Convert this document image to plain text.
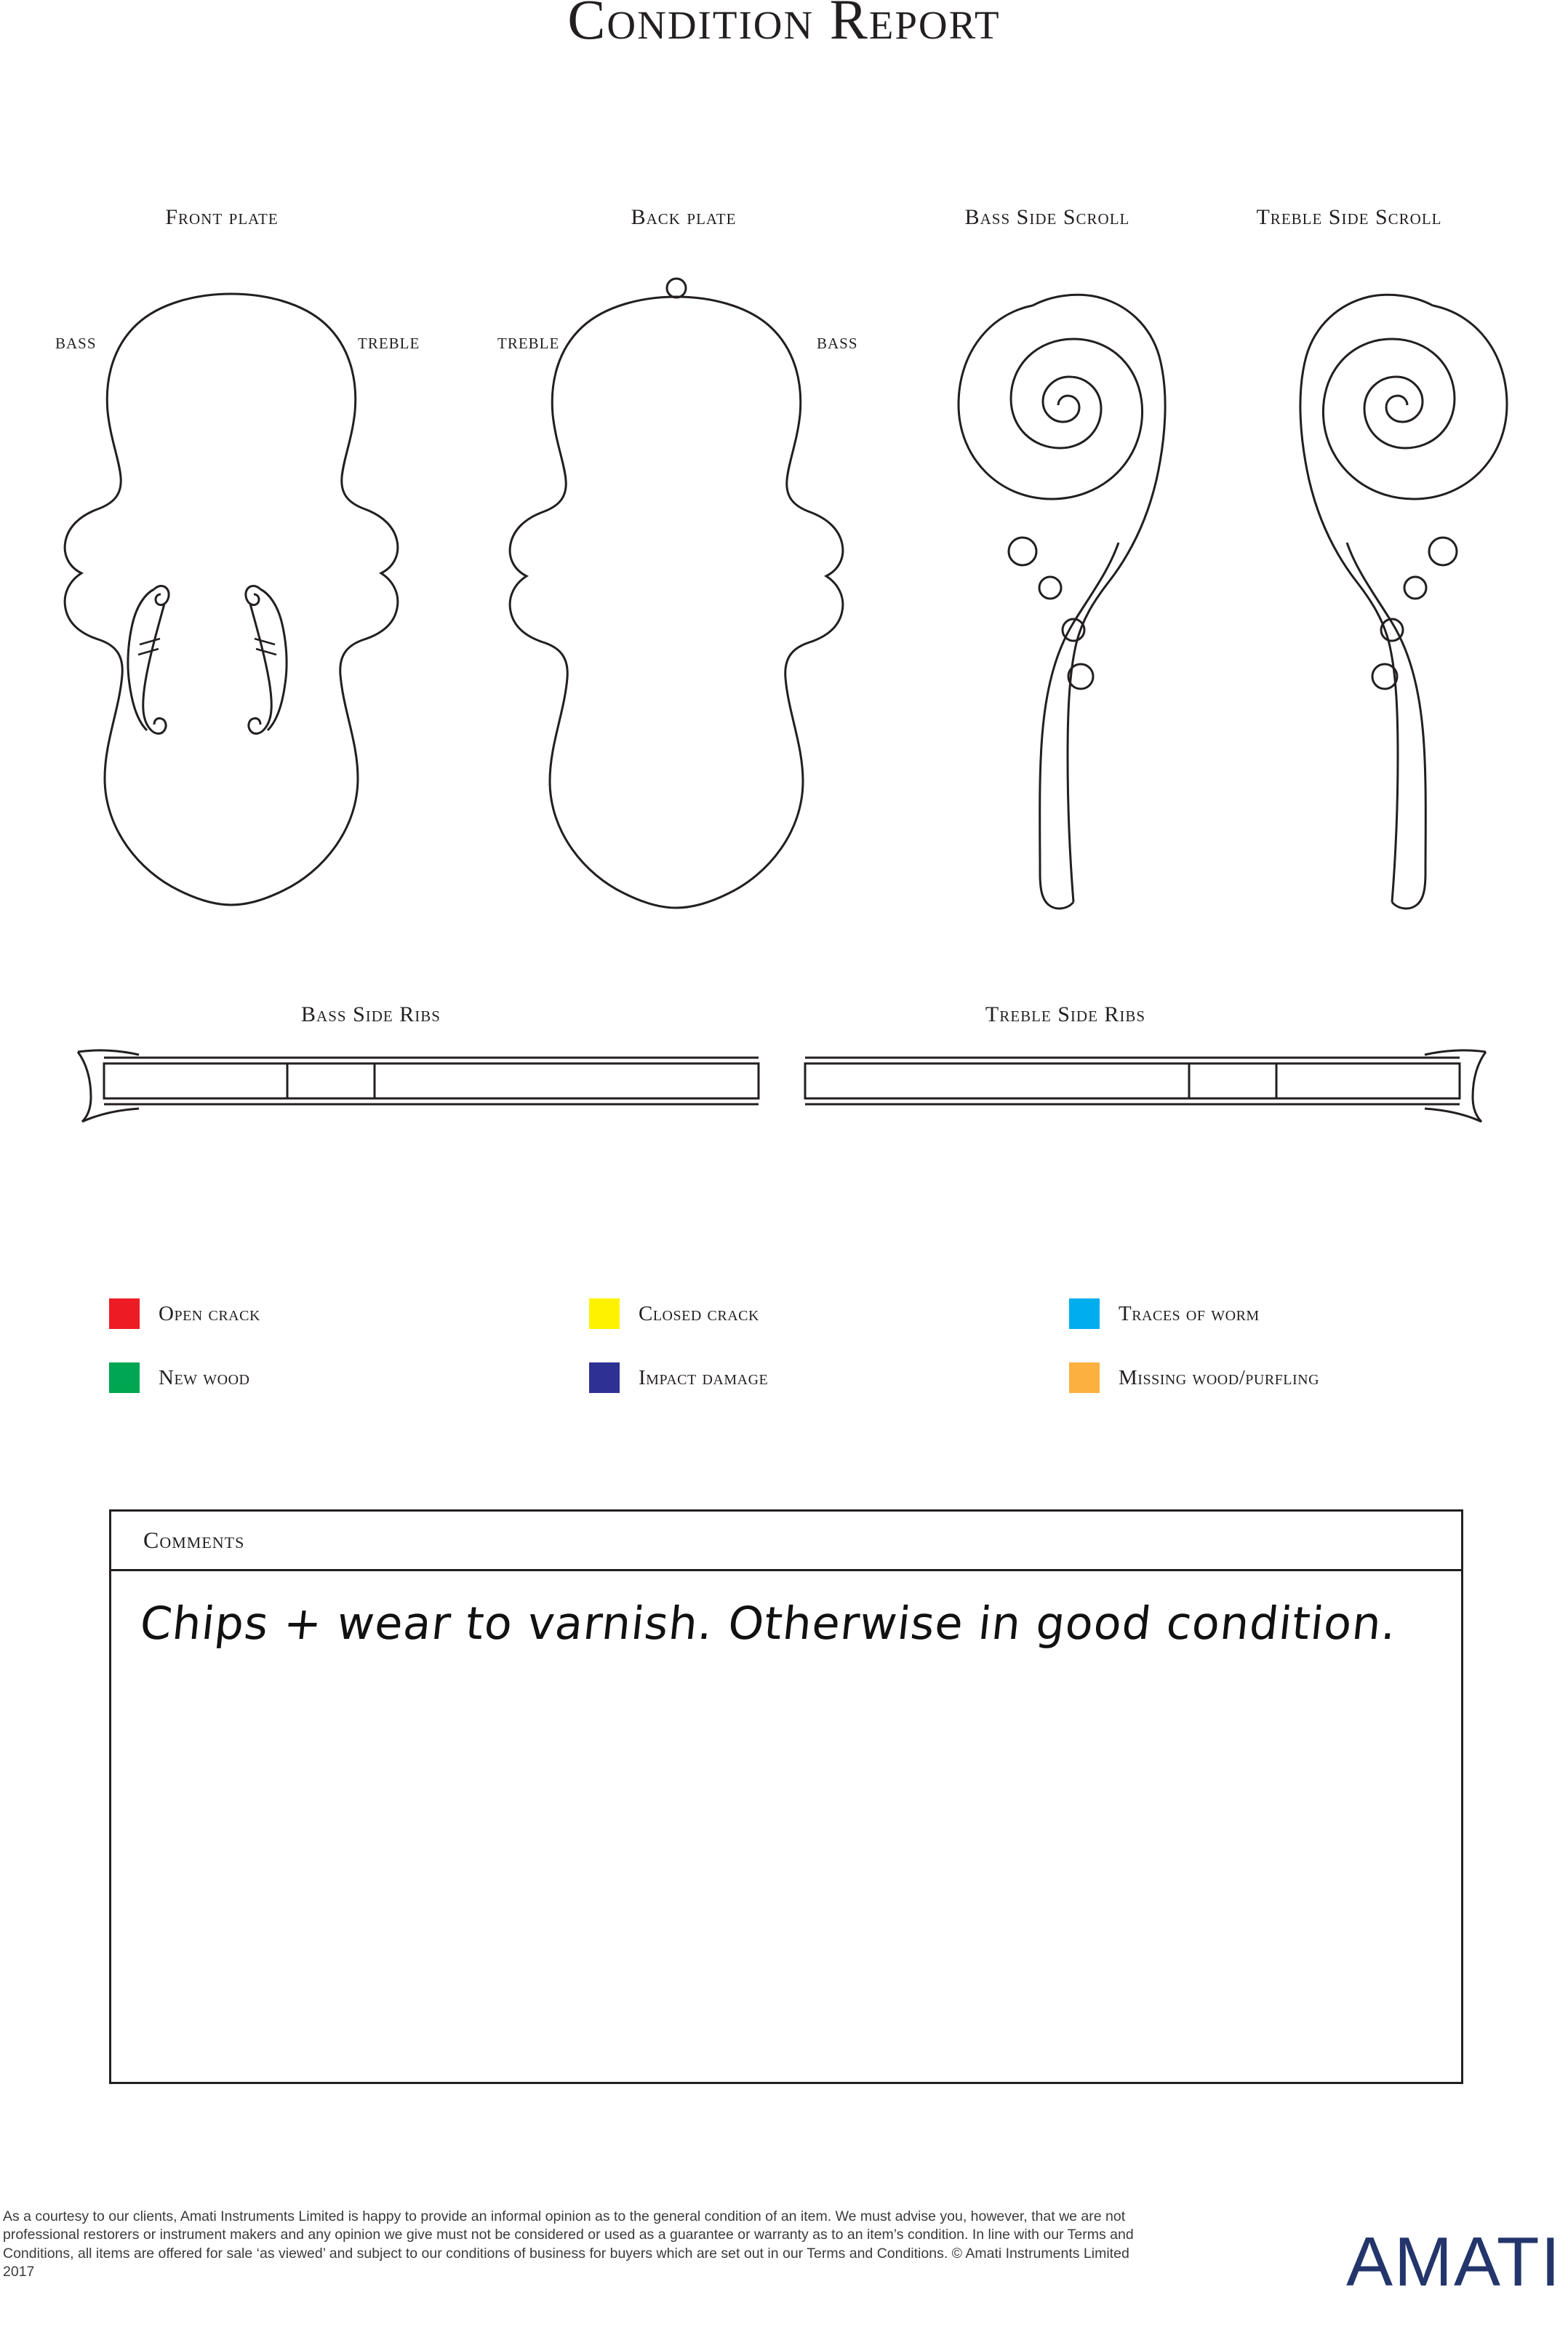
Condition Report
Front plate	Back plate	Bass Side Scroll	Treble Side Scroll
BASS	TREBLE	TREBLE	BASS
Bass Side Ribs	Treble Side Ribs
Open crack	Closed crack	Traces of worm
New wood	Impact damage	Missing wood/purfling
Comments
Chips + wear to varnish. Otherwise in good condition.
As a courtesy to our clients, Amati Instruments Limited is happy to provide an informal opinion as to the general condition of an item. We must advise you, however, that we are not professional restorers or instrument makers and any opinion we give must not be considered or used as a guarantee or warranty as to an item’s condition. In line with our Terms and Conditions, all items are offered for sale ‘as viewed’ and subject to our conditions of business for buyers which are set out in our Terms and Conditions. © Amati Instruments Limited 2017	AMATI
